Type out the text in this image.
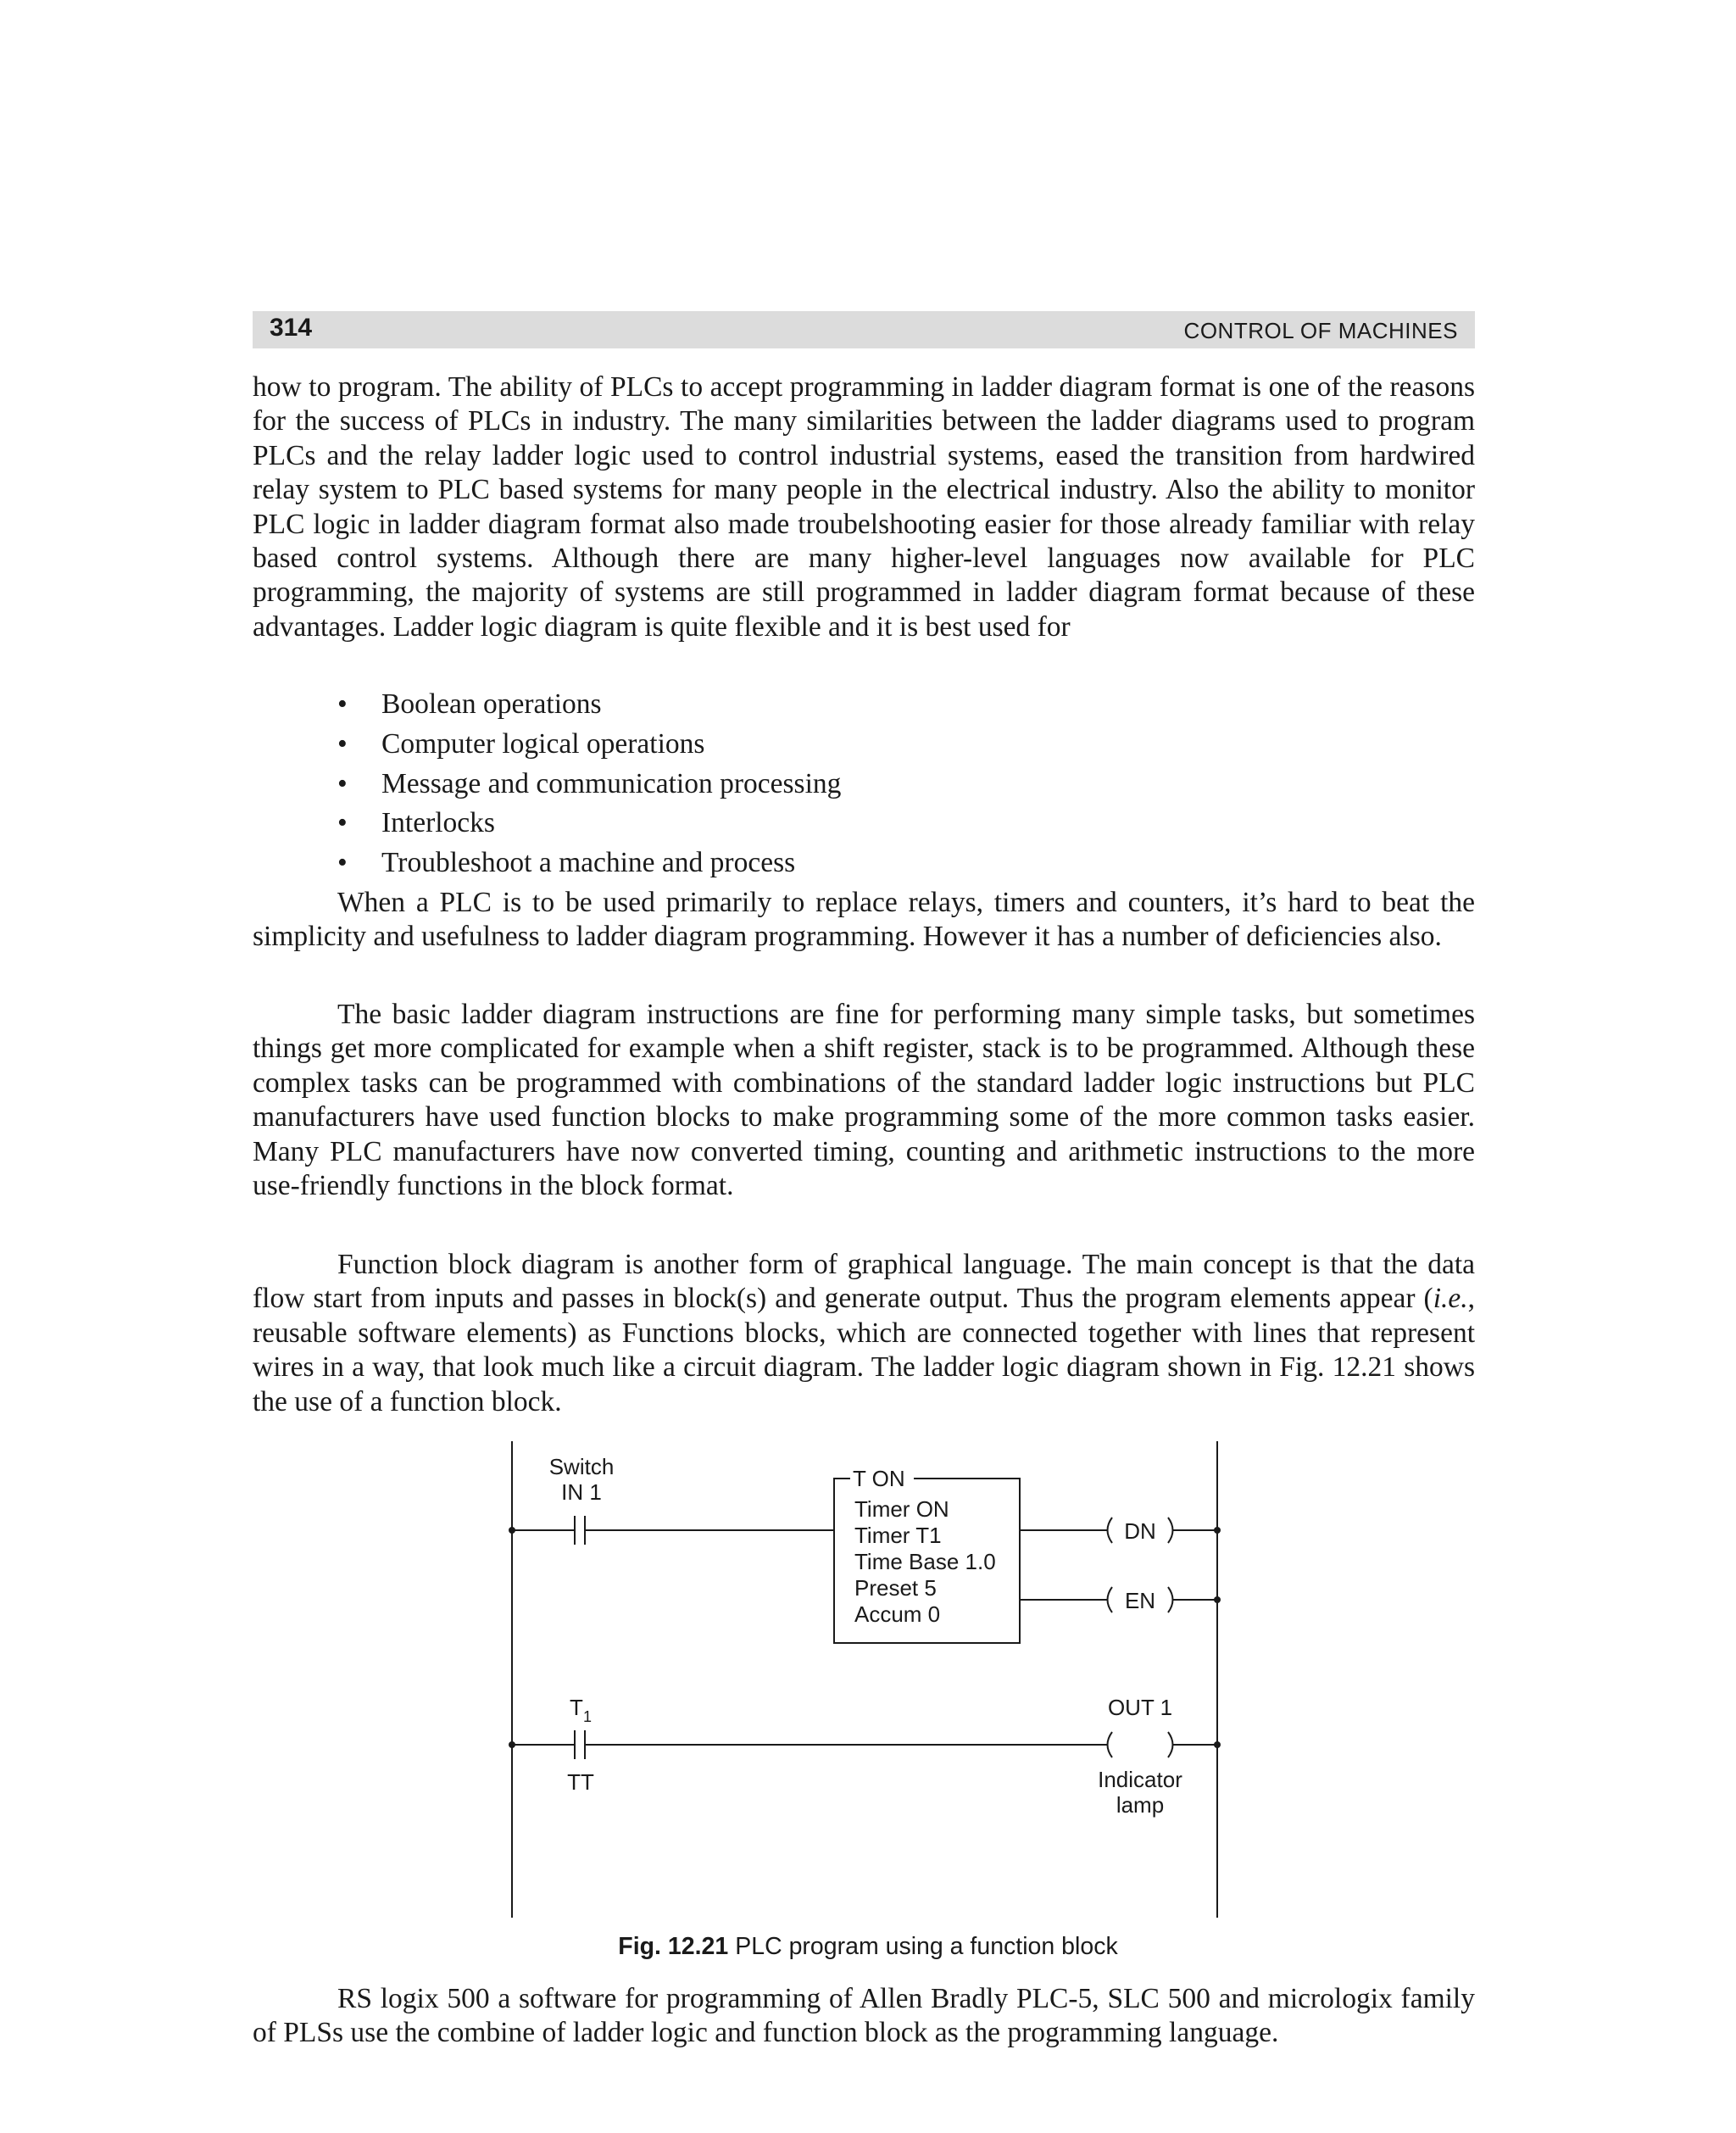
314	CONTROL OF MACHINES

how to program. The ability of PLCs to accept programming in ladder diagram format is one of the reasons for the success of PLCs in industry. The many similarities between the ladder diagrams used to program PLCs and the relay ladder logic used to control industrial systems, eased the transition from hardwired relay system to PLC based systems for many people in the electrical industry. Also the ability to monitor PLC logic in ladder diagram format also made troubelshooting easier for those already familiar with relay based control systems. Although there are many higher-level languages now available for PLC programming, the majority of systems are still programmed in ladder diagram format because of these advantages. Ladder logic diagram is quite flexible and it is best used for

• Boolean operations
• Computer logical operations
• Message and communication processing
• Interlocks
• Troubleshoot a machine and process

When a PLC is to be used primarily to replace relays, timers and counters, it’s hard to beat the simplicity and usefulness to ladder diagram programming. However it has a number of deficiencies also.

The basic ladder diagram instructions are fine for performing many simple tasks, but sometimes things get more complicated for example when a shift register, stack is to be programmed. Although these complex tasks can be programmed with combinations of the standard ladder logic instructions but PLC manufacturers have used function blocks to make programming some of the more common tasks easier. Many PLC manufacturers have now converted timing, counting and arithmetic instructions to the more use-friendly functions in the block format.

Function block diagram is another form of graphical language. The main concept is that the data flow start from inputs and passes in block(s) and generate output. Thus the program elements appear (i.e., reusable software elements) as Functions blocks, which are connected together with lines that represent wires in a way, that look much like a circuit diagram. The ladder logic diagram shown in Fig. 12.21 shows the use of a function block.

Switch
IN 1
T ON
Timer ON
Timer T1
Time Base 1.0
Preset 5
Accum 0
DN
EN
$T_1$
TT
OUT 1
Indicator
lamp
Fig. 12.21 PLC program using a function block

RS logix 500 a software for programming of Allen Bradly PLC-5, SLC 500 and micrologix family of PLSs use the combine of ladder logic and function block as the programming language.
